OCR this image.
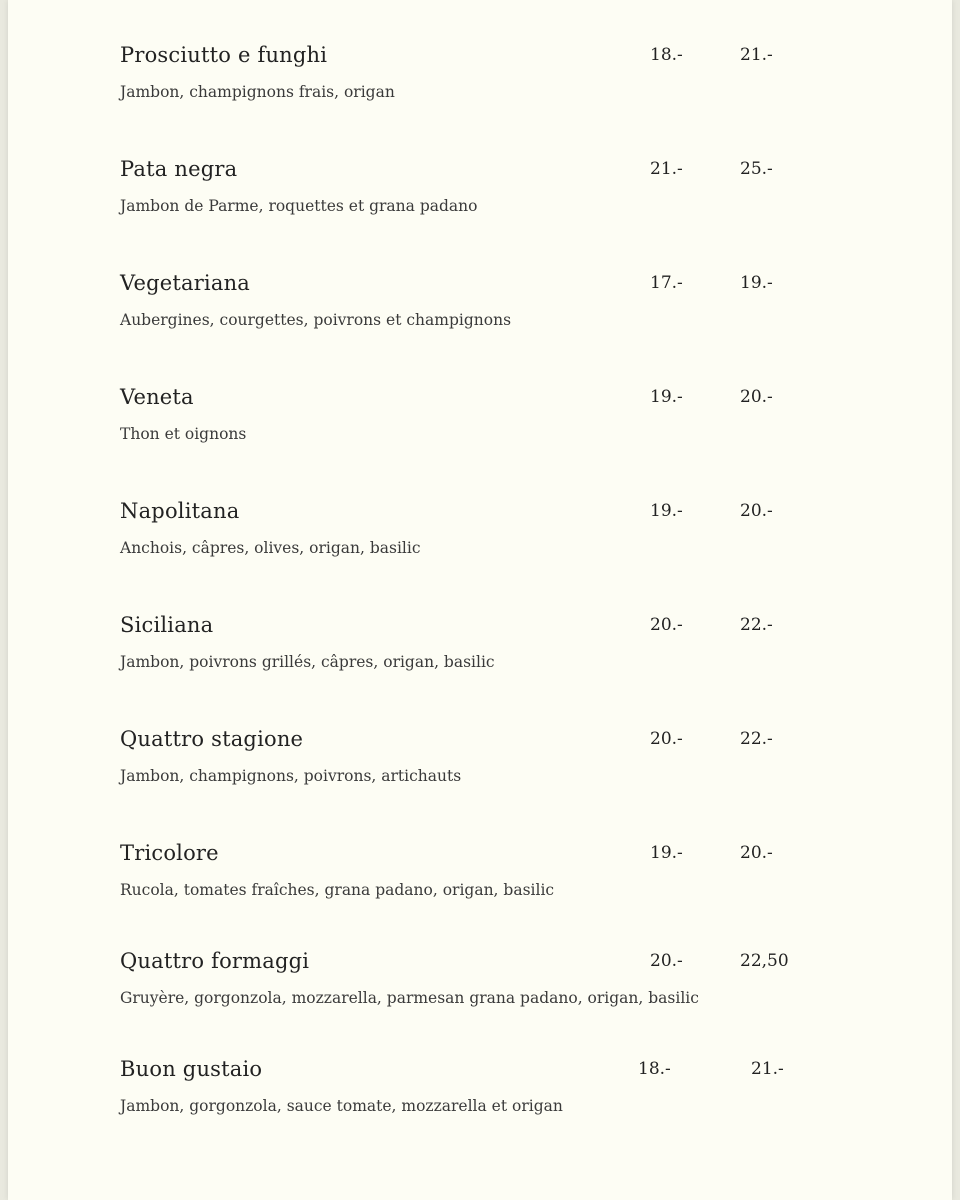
Prosciutto e funghi	18.-	21.-
Jambon, champignons frais, origan
Pata negra	21.-	25.-
Jambon de Parme, roquettes et grana padano
Vegetariana	17.-	19.-
Aubergines, courgettes, poivrons et champignons
Veneta	19.-	20.-
Thon et oignons
Napolitana	19.-	20.-
Anchois, câpres, olives, origan, basilic
Siciliana	20.-	22.-
Jambon, poivrons grillés, câpres, origan, basilic
Quattro stagione	20.-	22.-
Jambon, champignons, poivrons, artichauts
Tricolore	19.-	20.-
Rucola, tomates fraîches, grana padano, origan, basilic
Quattro formaggi	20.-	22,50
Gruyère, gorgonzola, mozzarella, parmesan grana padano, origan, basilic
Buon gustaio	18.-	21.-
Jambon, gorgonzola, sauce tomate, mozzarella et origan
